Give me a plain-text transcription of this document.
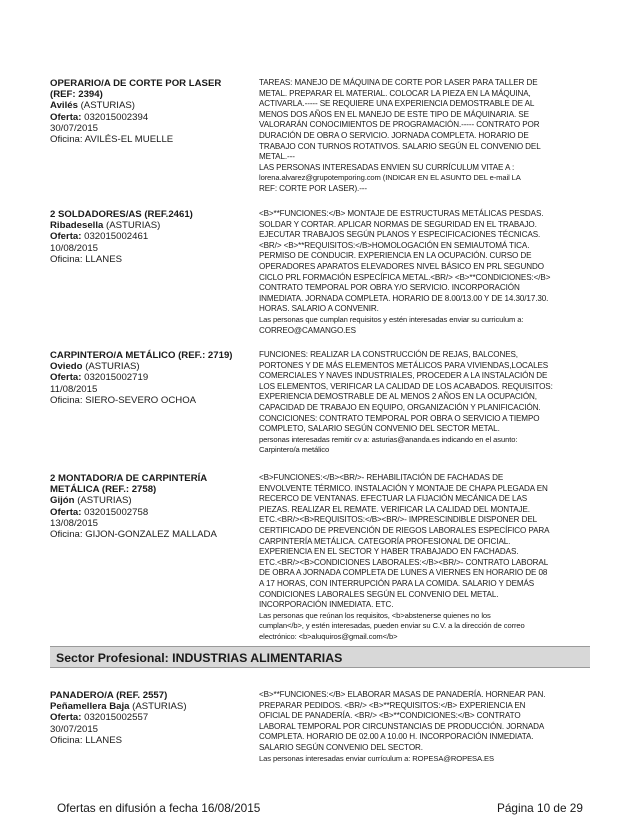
OPERARIO/A DE CORTE POR LASER
(REF: 2394)
Avilés (ASTURIAS)
Oferta: 032015002394
30/07/2015
Oficina: AVILÉS-EL MUELLE
TAREAS: MANEJO DE MÁQUINA DE CORTE POR LASER PARA TALLER DE
METAL. PREPARAR EL MATERIAL. COLOCAR LA PIEZA EN LA MÁQUINA,
ACTIVARLA.----- SE REQUIERE UNA EXPERIENCIA DEMOSTRABLE DE AL
MENOS DOS AÑOS EN EL MANEJO DE ESTE TIPO DE MÁQUINARIA. SE
VALORARÁN CONOCIMIENTOS DE PROGRAMACIÓN.----- CONTRATO POR
DURACIÓN DE OBRA O SERVICIO. JORNADA COMPLETA. HORARIO DE
TRABAJO CON TURNOS ROTATIVOS. SALARIO SEGÚN EL CONVENIO DEL
METAL.---
LAS PERSONAS INTERESADAS ENVIEN SU CURRÍCULUM VITAE A :
lorena.alvarez@grupotemporing.com (INDICAR EN EL ASUNTO DEL e-mail LA
REF: CORTE POR LASER).---
2 SOLDADORES/AS (REF.2461)
Ribadesella (ASTURIAS)
Oferta: 032015002461
10/08/2015
Oficina: LLANES
<B>**FUNCIONES:</B> MONTAJE DE ESTRUCTURAS METÁLICAS PESDAS.
SOLDAR Y CORTAR. APLICAR NORMAS DE SEGURIDAD EN EL TRABAJO.
EJECUTAR TRABAJOS SEGÚN PLANOS Y ESPECIFICACIONES TÉCNICAS.
<BR/> <B>**REQUISITOS:</B>HOMOLOGACIÓN EN SEMIAUTOMÁ TICA.
PERMISO DE CONDUCIR. EXPERIENCIA EN LA OCUPACIÓN. CURSO DE
OPERADORES APARATOS ELEVADORES NIVEL BÁSICO EN PRL SEGUNDO
CICLO PRL FORMACIÓN ESPECÍFICA METAL.<BR/> <B>**CONDICIONES:</B>
CONTRATO TEMPORAL POR OBRA Y/O SERVICIO. INCORPORACIÓN
INMEDIATA. JORNADA COMPLETA. HORARIO DE 8.00/13.00 Y DE 14.30/17.30.
HORAS. SALARIO A CONVENIR.
Las personas que cumplan requisitos y estén interesadas enviar su curriculum a:
CORREO@CAMANGO.ES
CARPINTERO/A METÁLICO (REF.: 2719)
Oviedo (ASTURIAS)
Oferta: 032015002719
11/08/2015
Oficina: SIERO-SEVERO OCHOA
FUNCIONES: REALIZAR LA CONSTRUCCIÓN DE REJAS, BALCONES,
PORTONES Y DE MÁS ELEMENTOS METÁLICOS PARA VIVIENDAS,LOCALES
COMERCIALES Y NAVES INDUSTRIALES, PROCEDER A LA INSTALACIÓN DE
LOS ELEMENTOS, VERIFICAR LA CALIDAD DE LOS ACABADOS. REQUISITOS:
EXPERIENCIA DEMOSTRABLE DE AL MENOS 2 AÑOS EN LA OCUPACIÓN,
CAPACIDAD DE TRABAJO EN EQUIPO, ORGANIZACIÓN Y PLANIFICACIÓN.
CONCICIONES: CONTRATO TEMPORAL POR OBRA O SERVICIO A TIEMPO
COMPLETO, SALARIO SEGÚN CONVENIO DEL SECTOR METAL.
personas interesadas remitir cv a: asturias@ananda.es indicando en el asunto:
Carpintero/a metálico
2 MONTADOR/A DE CARPINTERÍA
METÁLICA (REF.: 2758)
Gijón (ASTURIAS)
Oferta: 032015002758
13/08/2015
Oficina: GIJON-GONZALEZ MALLADA
<B>FUNCIONES:</B><BR/>- REHABILITACIÓN DE FACHADAS DE
ENVOLVENTE TÉRMICO. INSTALACIÓN Y MONTAJE DE CHAPA PLEGADA EN
RECERCO DE VENTANAS. EFECTUAR LA FIJACIÓN MECÁNICA DE LAS
PIEZAS. REALIZAR EL REMATE. VERIFICAR LA CALIDAD DEL MONTAJE.
ETC.<BR/><B>REQUISITOS:</B><BR/>- IMPRESCINDIBLE DISPONER DEL
CERTIFICADO DE PREVENCIÓN DE RIEGOS LABORALES ESPECÍFICO PARA
CARPINTERÍA METÁLICA. CATEGORÍA PROFESIONAL DE OFICIAL.
EXPERIENCIA EN EL SECTOR Y HABER TRABAJADO EN FACHADAS.
ETC.<BR/><B>CONDICIONES LABORALES:</B><BR/>- CONTRATO LABORAL
DE OBRA A JORNADA COMPLETA DE LUNES A VIERNES EN HORARIO DE 08
A 17 HORAS, CON INTERRUPCIÓN PARA LA COMIDA. SALARIO Y DEMÁS
CONDICIONES LABORALES SEGÚN EL CONVENIO DEL METAL.
INCORPORACIÓN INMEDIATA. ETC.
Las personas que reúnan los requisitos, <b>abstenerse quienes no los
cumplan</b>, y estén interesadas, pueden enviar su C.V. a la dirección de correo
electrónico: <b>aluquiros@gmail.com</b>
Sector Profesional: INDUSTRIAS ALIMENTARIAS
PANADERO/A (REF. 2557)
Peñamellera Baja (ASTURIAS)
Oferta: 032015002557
30/07/2015
Oficina: LLANES
<B>**FUNCIONES:</B> ELABORAR MASAS DE PANADERÍA. HORNEAR PAN.
PREPARAR PEDIDOS. <BR/> <B>**REQUISITOS:</B> EXPERIENCIA EN
OFICIAL DE PANADERÍA. <BR/> <B>**CONDICIONES:</B> CONTRATO
LABORAL TEMPORAL POR CIRCUNSTANCIAS DE PRODUCCIÓN. JORNADA
COMPLETA. HORARIO DE 02.00 A 10.00 H. INCORPORACIÓN INMEDIATA.
SALARIO SEGÚN CONVENIO DEL SECTOR.
Las personas interesadas enviar currículum a: ROPESA@ROPESA.ES
Ofertas en difusión a fecha 16/08/2015	Página 10 de 29
